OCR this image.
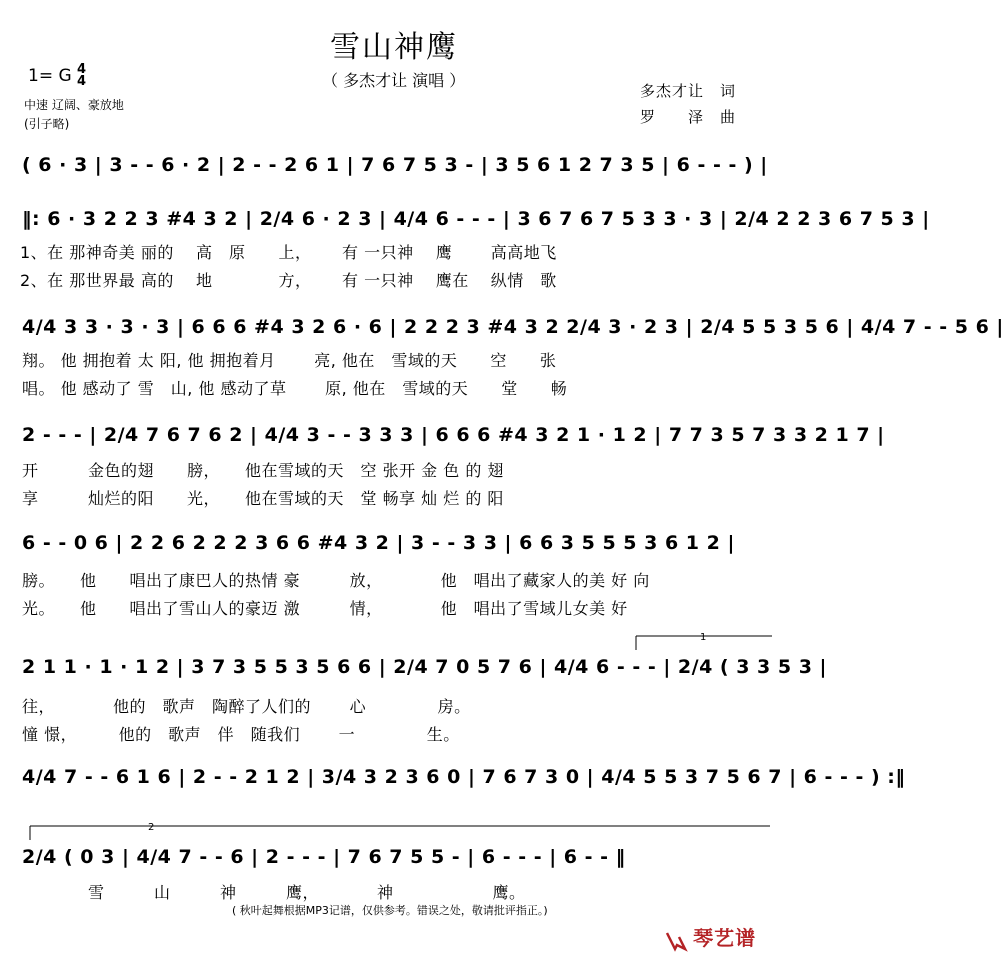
雪山神鹰
（ 多杰才让 演唱 ）
1= G 4
4
中速 辽阔、豪放地
(引子略)
多杰才让　词
罗　　泽　曲
( 6 · 3 | 3 - - 6 · 2 | 2 - - 2 6 1 | 7 6 7 5 3 - | 3 5 6 1 2 7 3 5 | 6 - - - ) |
‖: 6 · 3 2 2 3 #4 3 2 | 2/4 6 · 2 3 | 4/4 6 - - - | 3 6 7 6 7 5 3 3 · 3 | 2/4 2 2 3 6 7 5 3 |
1、在 那神奇美 丽的 　高　原　　上，　　 有 一只神　 鹰　　 高高地飞
2、在 那世界最 高的 　地　　　　方，　　 有 一只神　 鹰在　 纵情　歌
4/4 3 3 · 3 · 3 | 6 6 6 #4 3 2 6 · 6 | 2 2 2 3 #4 3 2 2/4 3 · 2 3 | 2/4 5 5 3 5 6 | 4/4 7 - - 5 6 |
翔。 他 拥抱着 太 阳, 他 拥抱着月　　 亮, 他在　雪域的天　　空　　张
唱。 他 感动了 雪　山, 他 感动了草　　 原, 他在　雪域的天　　堂　　畅
2 - - - | 2/4 7 6 7 6 2 | 4/4 3 - - 3 3 3 | 6 6 6 #4 3 2 1 · 1 2 | 7 7 3 5 7 3 3 2 1 7 |
开　　　金色的翅　　膀，　　他在雪域的天　空 张开 金 色 的 翅
享　　　灿烂的阳　　光，　　他在雪域的天　堂 畅享 灿 烂 的 阳
6 - - 0 6 | 2 2 6 2 2 2 3 6 6 #4 3 2 | 3 - - 3 3 | 6 6 3 5 5 5 3 6 1 2 |
膀。　　他　　唱出了康巴人的热情 豪　　　放，　　　　他　唱出了藏家人的美 好 向
光。　　他　　唱出了雪山人的豪迈 激　　　情，　　　　他　唱出了雪域儿女美 好
2 1 1 · 1 · 1 2 | 3 7 3 5 5 3 5 6 6 | 2/4 7 0 5 7 6 | 4/4 6 - - - | 2/4 ( 3 3 5 3 |
往，　　　　他的　歌声　陶醉了人们的　　 心　　　　 房。
憧 憬，　　　他的　歌声　伴　随我们　　 一　　　　 生。
4/4 7 - - 6 1 6 | 2 - - 2 1 2 | 3/4 3 2 3 6 0 | 7 6 7 3 0 | 4/4 5 5 3 7 5 6 7 | 6 - - - ) :‖
2/4 ( 0 3 | 4/4 7 - - 6 | 2 - - - | 7 6 7 5 5 - | 6 - - - | 6 - - ‖
雪　　　山　　　神　　　鹰，　　　　神　　　　　　鹰。
1
2
( 秋叶起舞根据MP3记谱，仅供参考。错误之处，敬请批评指正。)
琴艺谱
